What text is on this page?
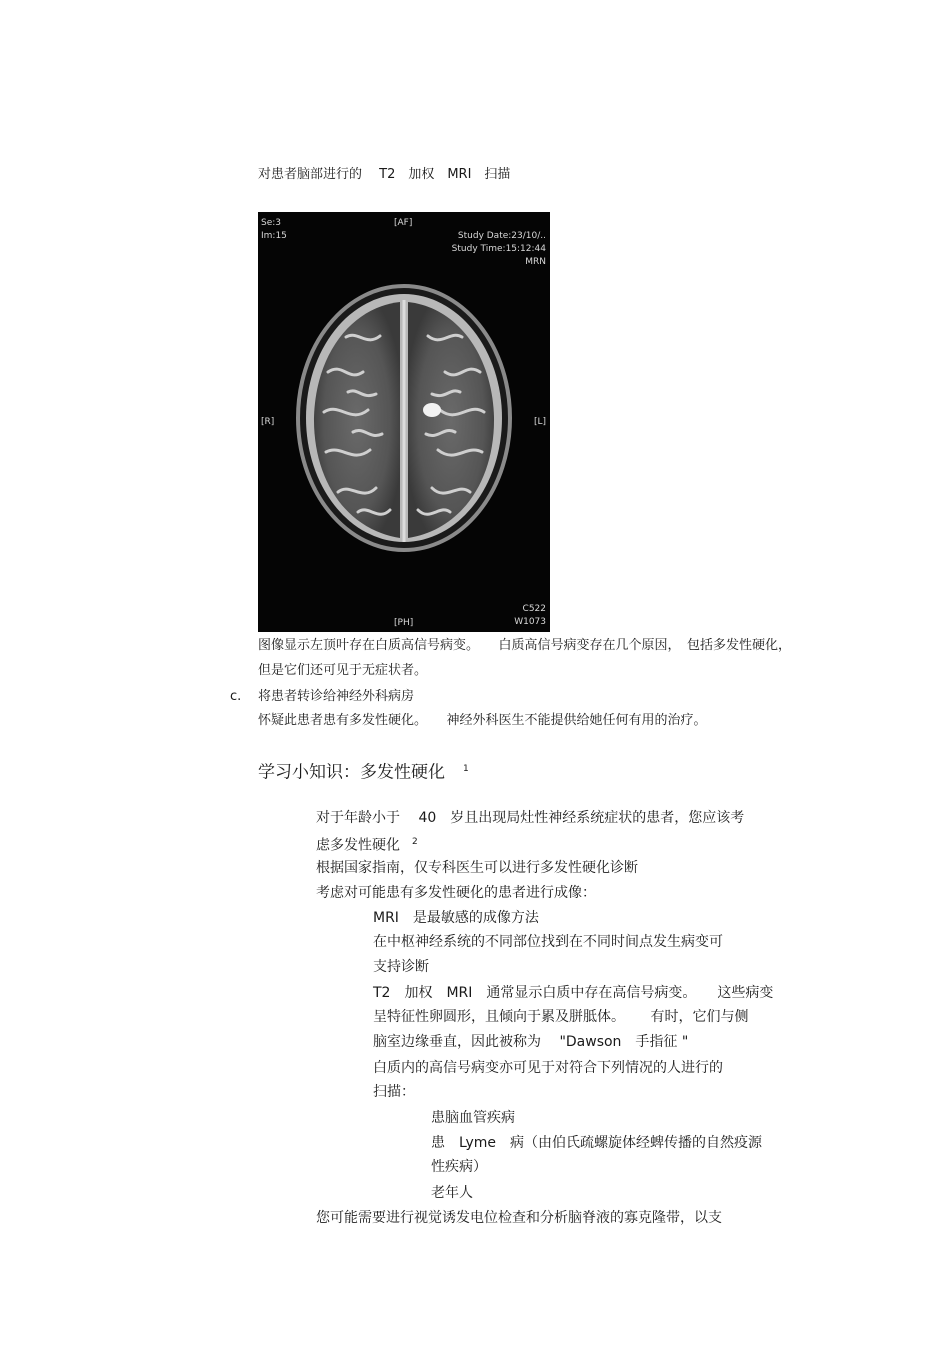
对患者脑部进行的　 T2　加权　MRI　扫描
Se:3
Im:15
[AF]
Study Date:23/10/..
Study Time:15:12:44
MRN
[R]	[L]
[PH]
C522
W1073
图像显示左顶叶存在白质高信号病变。　　白质高信号病变存在几个原因，　包括多发性硬化，
但是它们还可见于无症状者。
c. 将患者转诊给神经外科病房
怀疑此患者患有多发性硬化。　　神经外科医生不能提供给她任何有用的治疗。
学习小知识：多发性硬化 $^1$
对于年龄小于　 40　岁且出现局灶性神经系统症状的患者，您应该考
虑多发性硬化 $^2$
根据国家指南，仅专科医生可以进行多发性硬化诊断
考虑对可能患有多发性硬化的患者进行成像：
MRI　是最敏感的成像方法
在中枢神经系统的不同部位找到在不同时间点发生病变可
支持诊断
T2　加权　MRI　通常显示白质中存在高信号病变。　　这些病变
呈特征性卵圆形，且倾向于累及胼胝体。　　 有时，它们与侧
脑室边缘垂直，因此被称为　 "Dawson　手指征 "
白质内的高信号病变亦可见于对符合下列情况的人进行的
扫描：
患脑血管疾病
患　Lyme　病（由伯氏疏螺旋体经蜱传播的自然疫源
性疾病）
老年人
您可能需要进行视觉诱发电位检查和分析脑脊液的寡克隆带，以支
